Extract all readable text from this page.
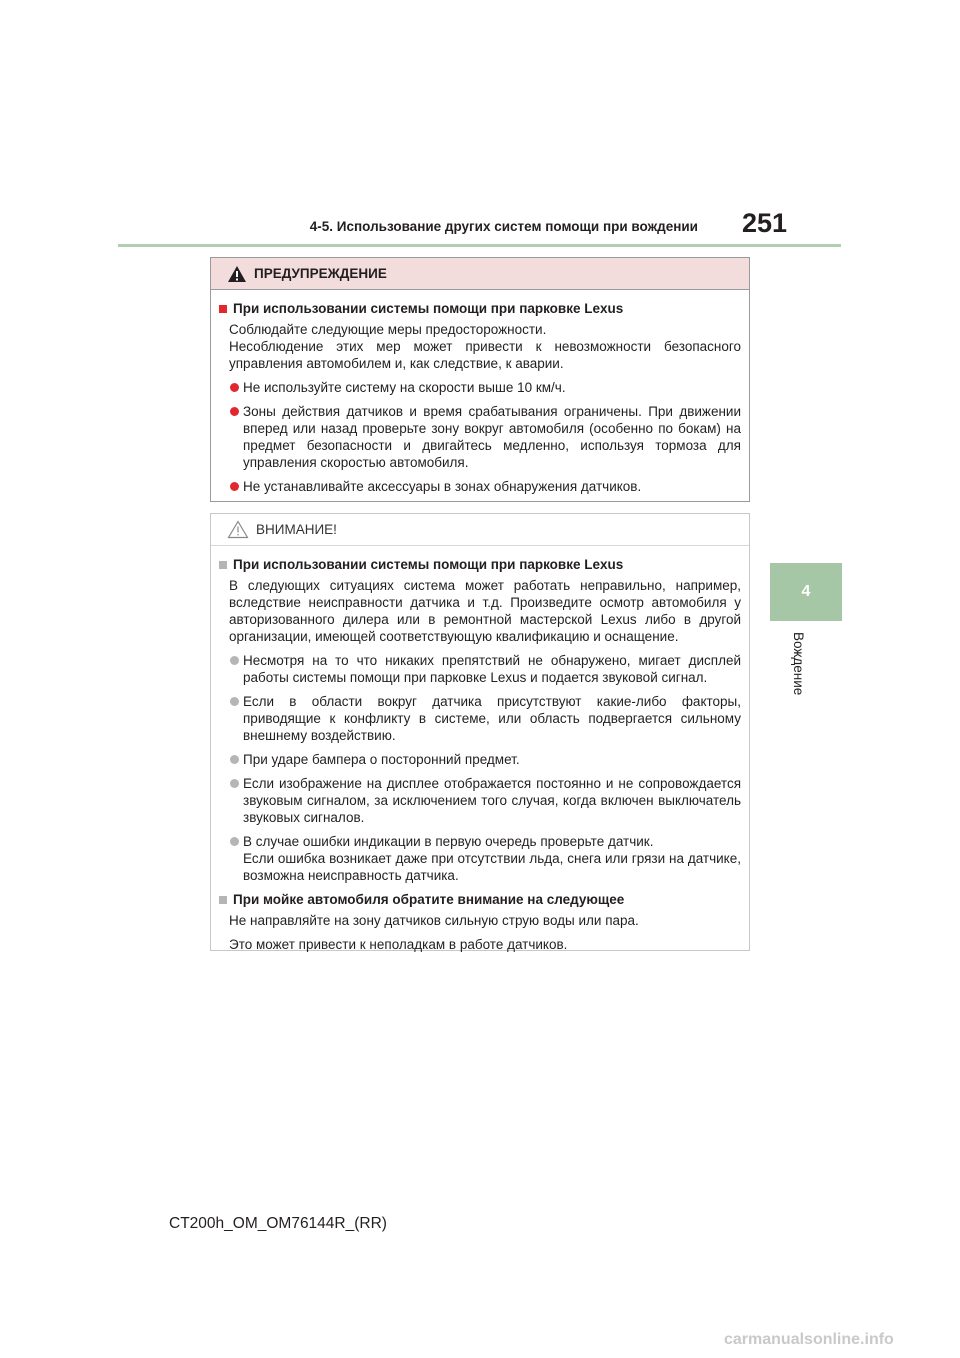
4-5. Использование других систем помощи при вождении 251
4
Вождение
ПРЕДУПРЕЖДЕНИЕ
При использовании системы помощи при парковке Lexus
Соблюдайте следующие меры предосторожности.
Несоблюдение этих мер может привести к невозможности безопасного управления автомобилем и, как следствие, к аварии.
Не используйте систему на скорости выше 10 км/ч.
Зоны действия датчиков и время срабатывания ограничены. При движении вперед или назад проверьте зону вокруг автомобиля (особенно по бокам) на предмет безопасности и двигайтесь медленно, используя тормоза для управления скоростью автомобиля.
Не устанавливайте аксессуары в зонах обнаружения датчиков.
ВНИМАНИЕ!
При использовании системы помощи при парковке Lexus
В следующих ситуациях система может работать неправильно, например, вследствие неисправности датчика и т.д. Произведите осмотр автомобиля у авторизованного дилера или в ремонтной мастерской Lexus либо в другой организации, имеющей соответствующую квалификацию и оснащение.
Несмотря на то что никаких препятствий не обнаружено, мигает дисплей работы системы помощи при парковке Lexus и подается звуковой сигнал.
Если в области вокруг датчика присутствуют какие-либо факторы, приводящие к конфликту в системе, или область подвергается сильному внешнему воздействию.
При ударе бампера о посторонний предмет.
Если изображение на дисплее отображается постоянно и не сопровождается звуковым сигналом, за исключением того случая, когда включен выключатель звуковых сигналов.
В случае ошибки индикации в первую очередь проверьте датчик.
Если ошибка возникает даже при отсутствии льда, снега или грязи на датчике, возможна неисправность датчика.
При мойке автомобиля обратите внимание на следующее
Не направляйте на зону датчиков сильную струю воды или пара.
Это может привести к неполадкам в работе датчиков.
CT200h_OM_OM76144R_(RR)
carmanualsonline.info
